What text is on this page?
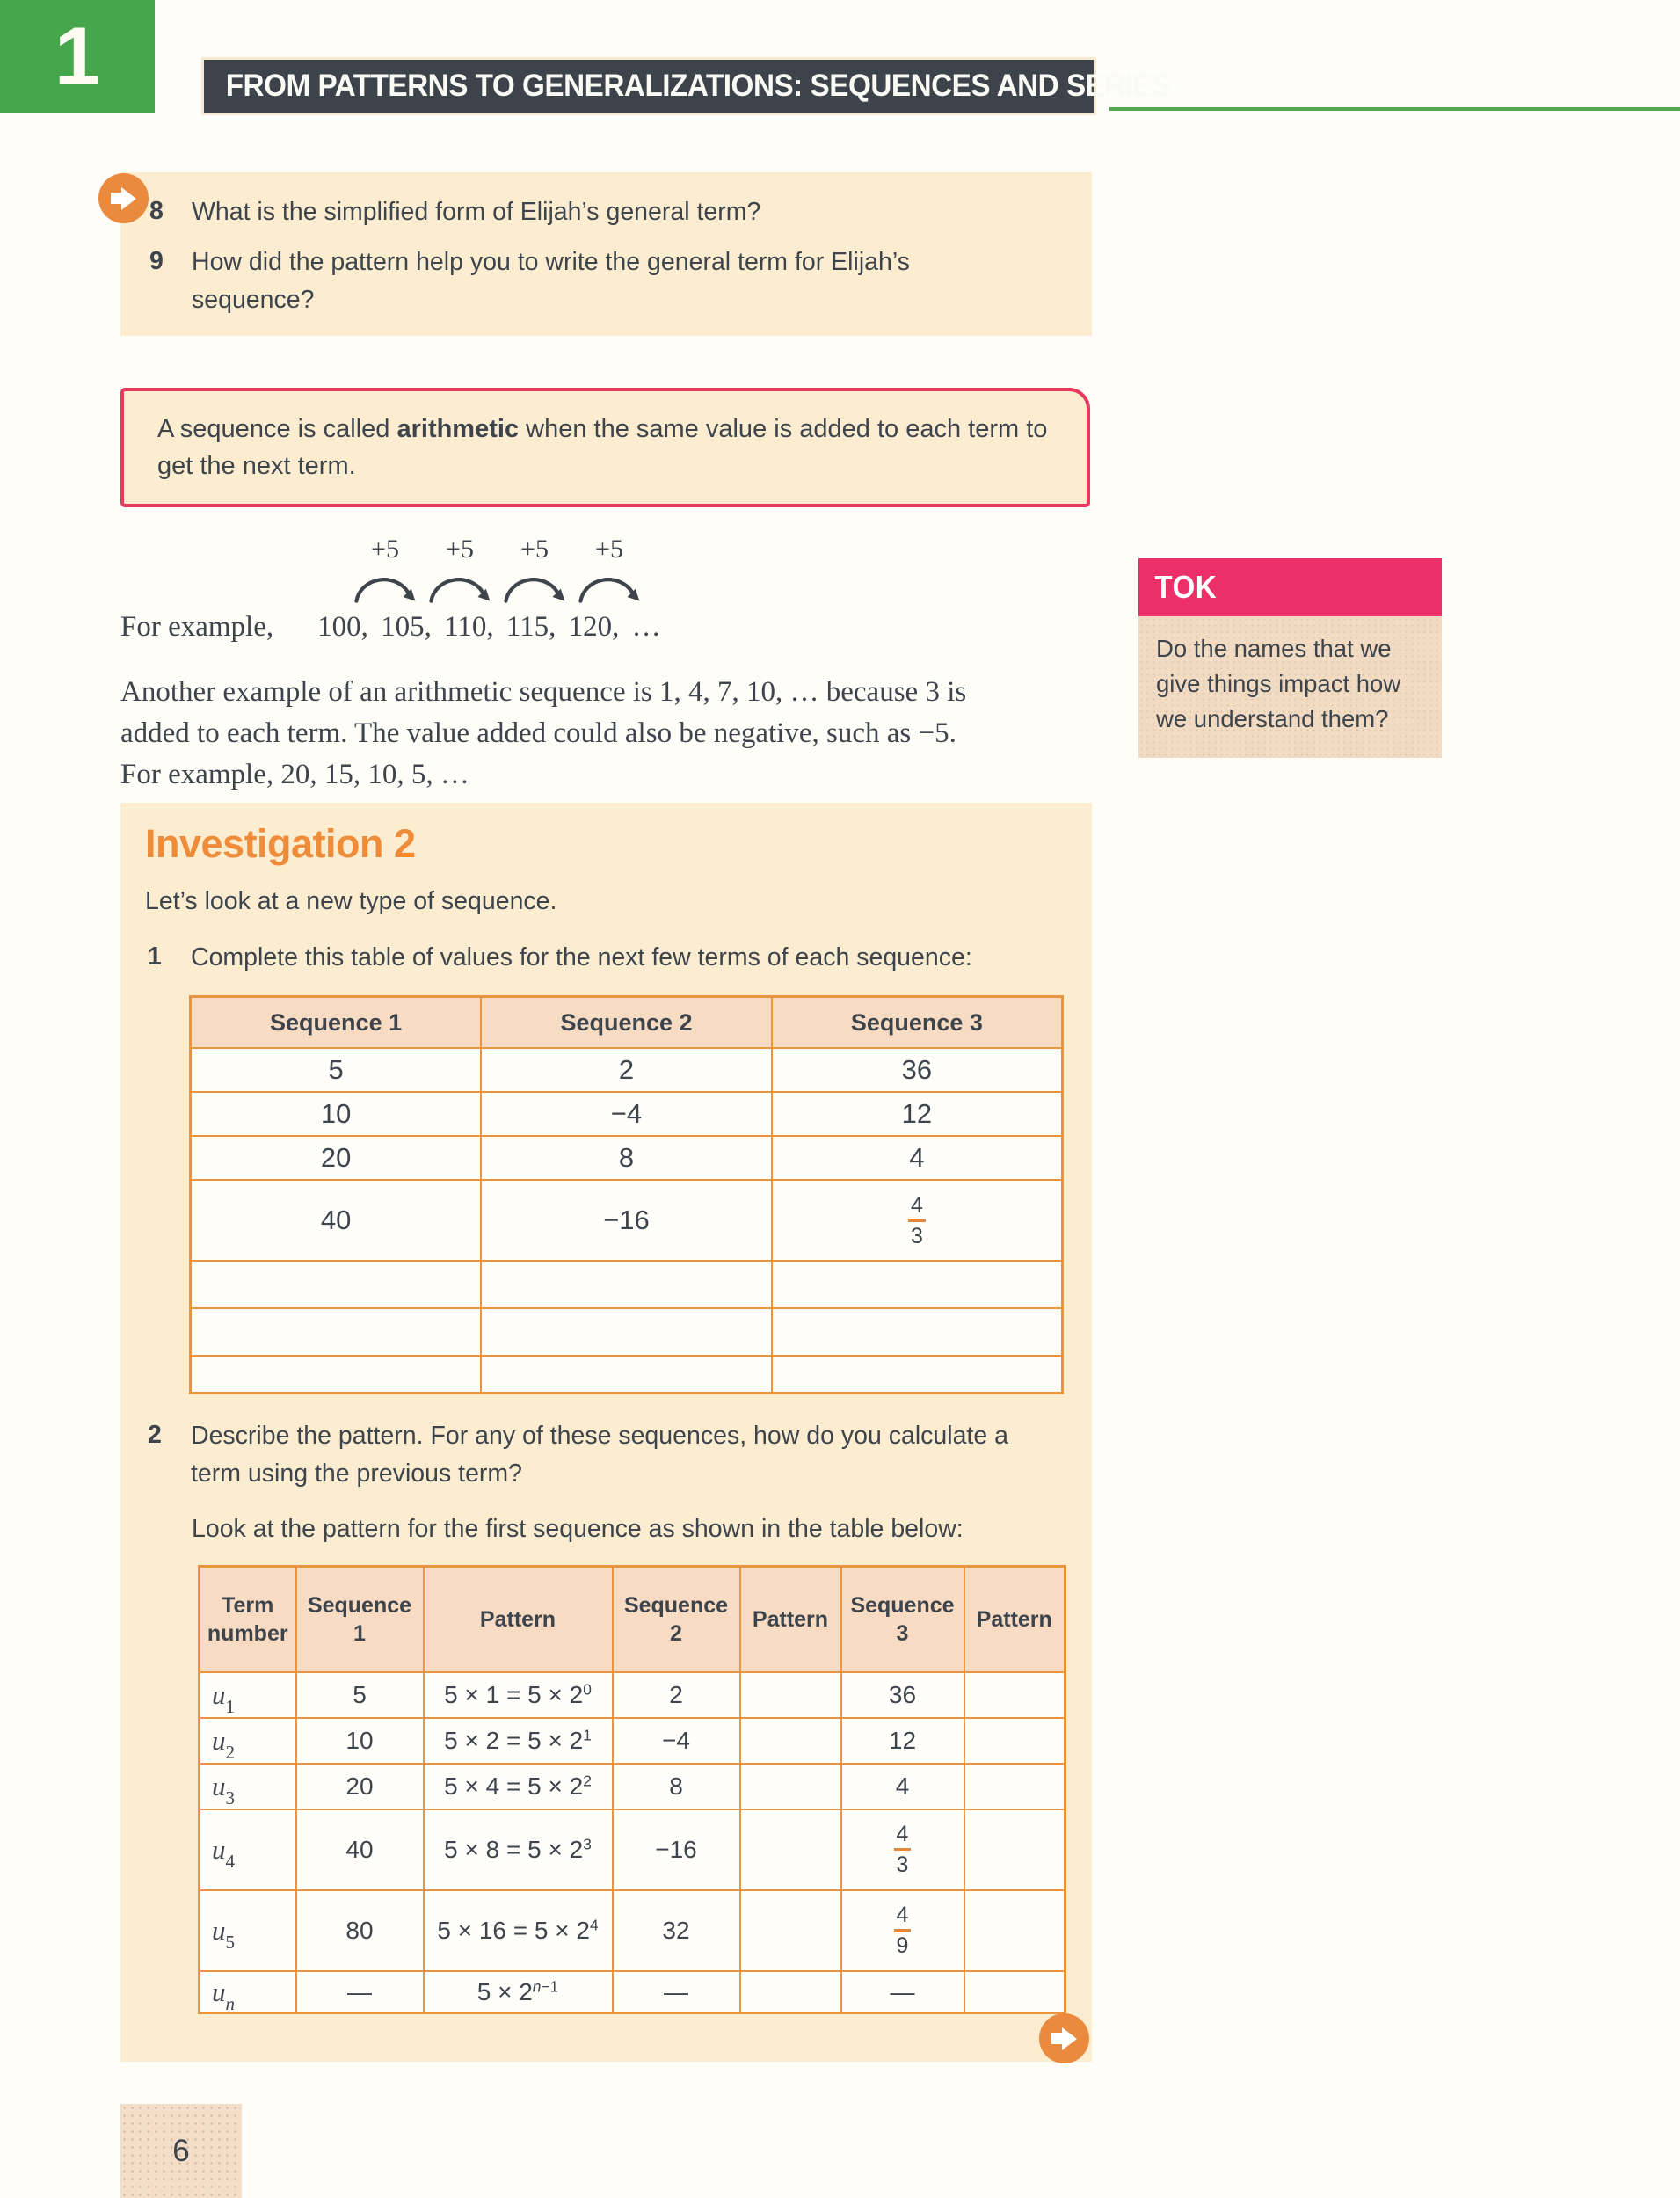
1	FROM PATTERNS TO GENERALIZATIONS: SEQUENCES AND SERIES
8	What is the simplified form of Elijah’s general term?
9	How did the pattern help you to write the general term for Elijah’s sequence?

A sequence is called arithmetic when the same value is added to each term to get the next term.

+5 +5 +5 +5
For example, 100, 105, 110, 115, 120, …
Another example of an arithmetic sequence is 1, 4, 7, 10, … because 3 is
added to each term. The value added could also be negative, such as −5.
For example, 20, 15, 10, 5, …
TOK
Do the names that we give things impact how we understand them?
Investigation 2
Let’s look at a new type of sequence.
1	Complete this table of values for the next few terms of each sequence:
Sequence 1	Sequence 2	Sequence 3
5	2	36
10	−4	12
20	8	4
40	−16	$\frac{4}{3}$

2	Describe the pattern. For any of these sequences, how do you calculate a term using the previous term?
Look at the pattern for the first sequence as shown in the table below:
Term number	Sequence 1	Pattern	Sequence 2	Pattern	Sequence 3	Pattern
$u_1$	5	$5 \times 1 = 5 \times 2^0$	2		36	
$u_2$	10	$5 \times 2 = 5 \times 2^1$	−4		12	
$u_3$	20	$5 \times 4 = 5 \times 2^2$	8		4	
$u_4$	40	$5 \times 8 = 5 \times 2^3$	−16		$\frac{4}{3}$

$u_5$	80	$5 \times 16 = 5 \times 2^4$	32		$\frac{4}{9}$

$u_n$	—	$5 \times 2^{n-1}$	—		—	
6
